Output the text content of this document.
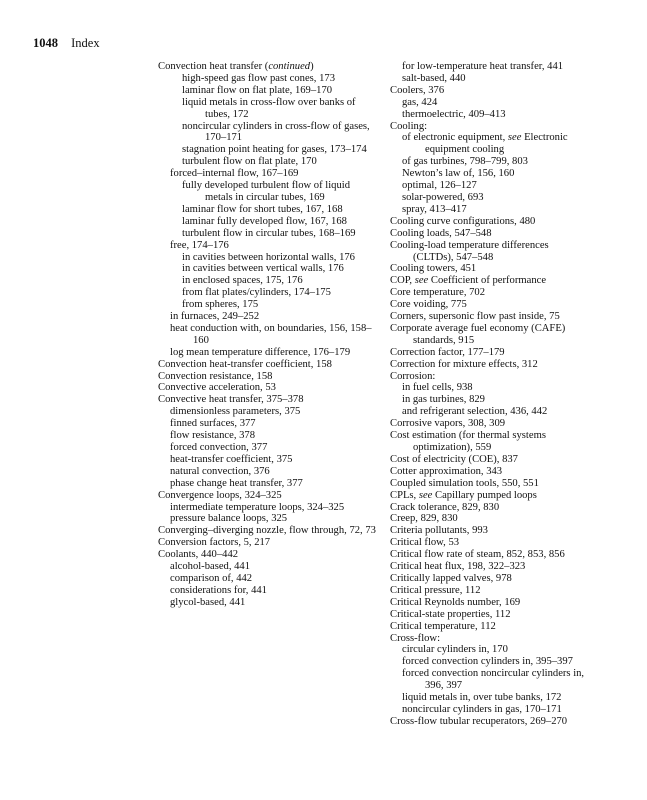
1048 Index
Convection heat transfer (continued)
high-speed gas flow past cones, 173
laminar flow on flat plate, 169–170
liquid metals in cross-flow over banks of tubes, 172
noncircular cylinders in cross-flow of gases, 170–171
stagnation point heating for gases, 173–174
turbulent flow on flat plate, 170
forced–internal flow, 167–169
fully developed turbulent flow of liquid metals in circular tubes, 169
laminar flow for short tubes, 167, 168
laminar fully developed flow, 167, 168
turbulent flow in circular tubes, 168–169
free, 174–176
in cavities between horizontal walls, 176
in cavities between vertical walls, 176
in enclosed spaces, 175, 176
from flat plates/cylinders, 174–175
from spheres, 175
in furnaces, 249–252
heat conduction with, on boundaries, 156, 158–160
log mean temperature difference, 176–179
Convection heat-transfer coefficient, 158
Convection resistance, 158
Convective acceleration, 53
Convective heat transfer, 375–378
dimensionless parameters, 375
finned surfaces, 377
flow resistance, 378
forced convection, 377
heat-transfer coefficient, 375
natural convection, 376
phase change heat transfer, 377
Convergence loops, 324–325
intermediate temperature loops, 324–325
pressure balance loops, 325
Converging–diverging nozzle, flow through, 72, 73
Conversion factors, 5, 217
Coolants, 440–442
alcohol-based, 441
comparison of, 442
considerations for, 441
glycol-based, 441
for low-temperature heat transfer, 441
salt-based, 440
Coolers, 376
gas, 424
thermoelectric, 409–413
Cooling:
of electronic equipment, see Electronic equipment cooling
of gas turbines, 798–799, 803
Newton’s law of, 156, 160
optimal, 126–127
solar-powered, 693
spray, 413–417
Cooling curve configurations, 480
Cooling loads, 547–548
Cooling-load temperature differences (CLTDs), 547–548
Cooling towers, 451
COP, see Coefficient of performance
Core temperature, 702
Core voiding, 775
Corners, supersonic flow past inside, 75
Corporate average fuel economy (CAFE) standards, 915
Correction factor, 177–179
Correction for mixture effects, 312
Corrosion:
in fuel cells, 938
in gas turbines, 829
and refrigerant selection, 436, 442
Corrosive vapors, 308, 309
Cost estimation (for thermal systems optimization), 559
Cost of electricity (COE), 837
Cotter approximation, 343
Coupled simulation tools, 550, 551
CPLs, see Capillary pumped loops
Crack tolerance, 829, 830
Creep, 829, 830
Criteria pollutants, 993
Critical flow, 53
Critical flow rate of steam, 852, 853, 856
Critical heat flux, 198, 322–323
Critically lapped valves, 978
Critical pressure, 112
Critical Reynolds number, 169
Critical-state properties, 112
Critical temperature, 112
Cross-flow:
circular cylinders in, 170
forced convection cylinders in, 395–397
forced convection noncircular cylinders in, 396, 397
liquid metals in, over tube banks, 172
noncircular cylinders in gas, 170–171
Cross-flow tubular recuperators, 269–270
